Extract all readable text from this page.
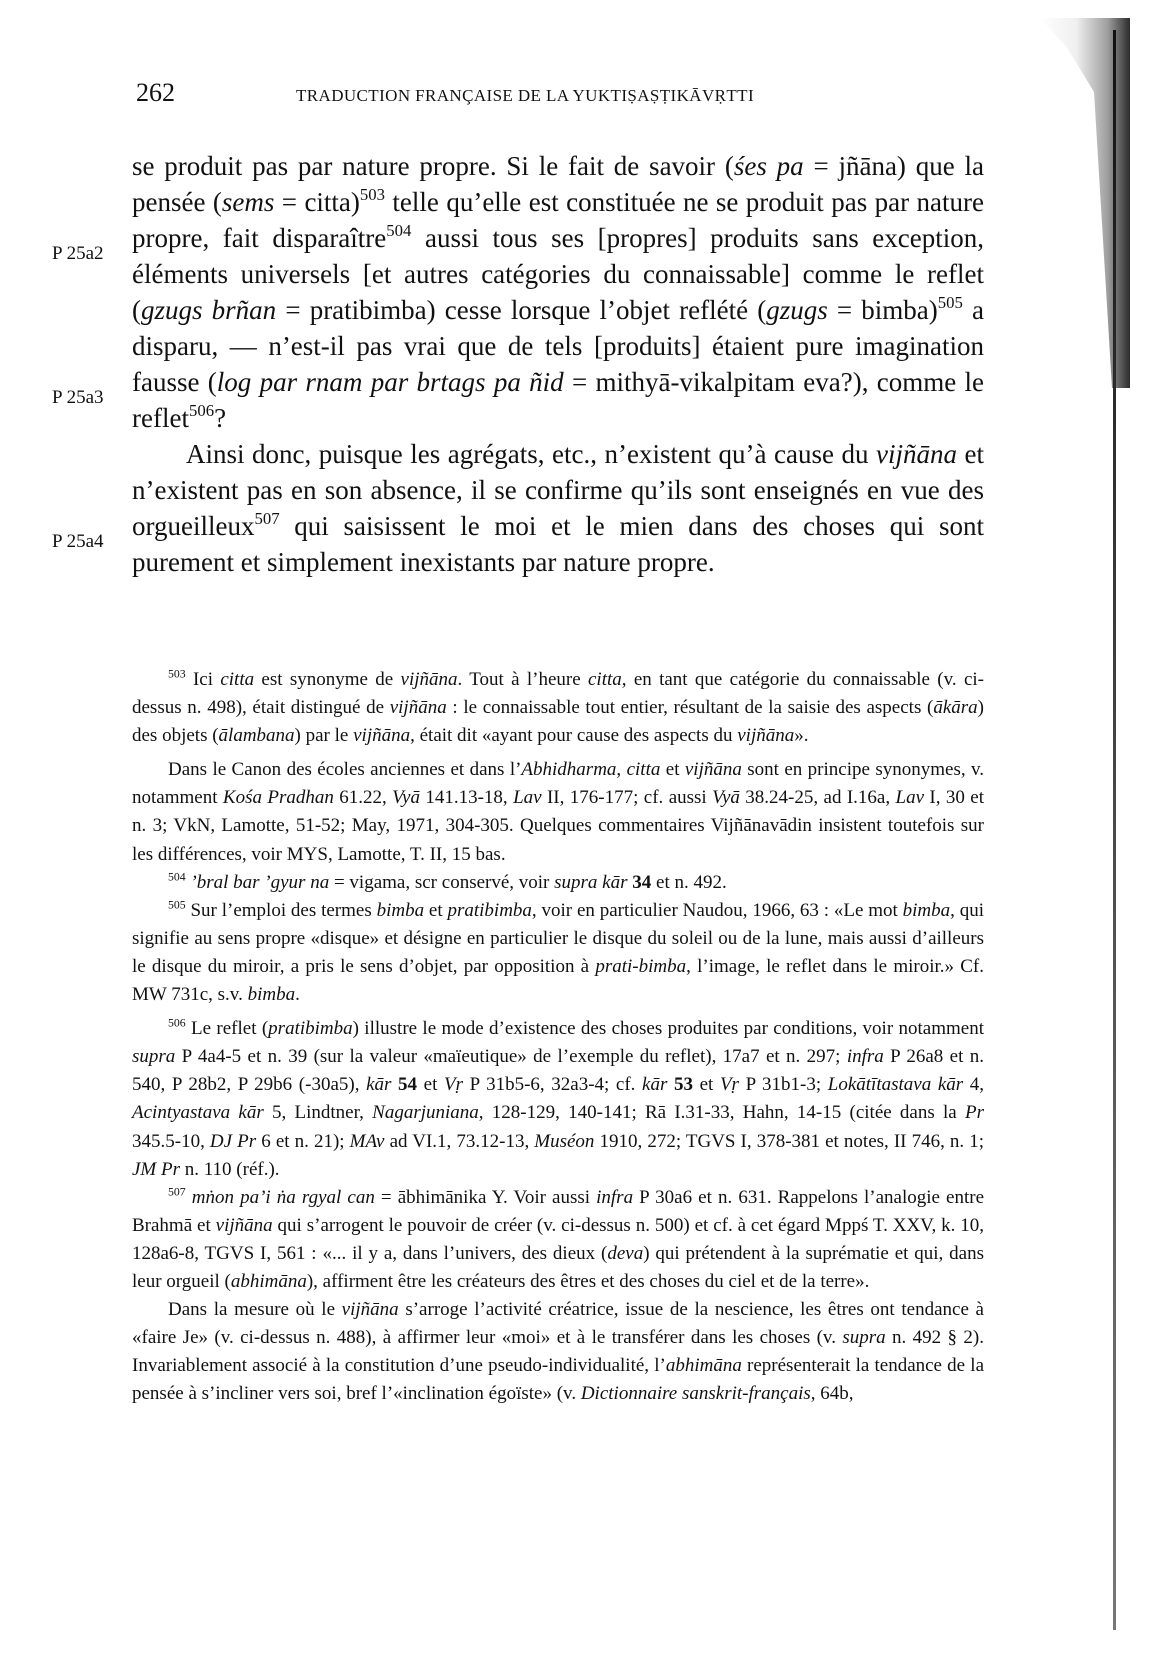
262	TRADUCTION FRANÇAISE DE LA YUKTIṢAṢṬIKĀVṚTTI
P 25a2
P 25a3
P 25a4

se produit pas par nature propre. Si le fait de savoir (śes pa = jñāna) que la pensée (sems = citta)$^{503}$ telle qu’elle est constituée ne se produit pas par nature propre, fait disparaître$^{504}$ aussi tous ses [propres] produits sans exception, éléments universels [et autres catégories du connaissable] comme le reflet (gzugs brñan = pratibimba) cesse lorsque l’objet reflété (gzugs = bimba)$^{505}$ a disparu, — n’est-il pas vrai que de tels [produits] étaient pure imagination fausse (log par rnam par brtags pa ñid = mithyā-vikalpitam eva?), comme le reflet$^{506}$?

Ainsi donc, puisque les agrégats, etc., n’existent qu’à cause du vijñāna et n’existent pas en son absence, il se confirme qu’ils sont enseignés en vue des orgueilleux$^{507}$ qui saisissent le moi et le mien dans des choses qui sont purement et simplement inexistants par nature propre.

$^{503}$ Ici citta est synonyme de vijñāna. Tout à l’heure citta, en tant que catégorie du connaissable (v. ci-dessus n. 498), était distingué de vijñāna : le connaissable tout entier, résultant de la saisie des aspects (ākāra) des objets (ālambana) par le vijñāna, était dit «ayant pour cause des aspects du vijñāna».

Dans le Canon des écoles anciennes et dans l’Abhidharma, citta et vijñāna sont en principe synonymes, v. notamment Kośa Pradhan 61.22, Vyā 141.13-18, Lav II, 176-177; cf. aussi Vyā 38.24-25, ad I.16a, Lav I, 30 et n. 3; VkN, Lamotte, 51-52; May, 1971, 304-305. Quelques commentaires Vijñānavādin insistent toutefois sur les différences, voir MYS, Lamotte, T. II, 15 bas.

$^{504}$ ’bral bar ’gyur na = vigama, scr conservé, voir supra kār 34 et n. 492.

$^{505}$ Sur l’emploi des termes bimba et pratibimba, voir en particulier Naudou, 1966, 63 : «Le mot bimba, qui signifie au sens propre «disque» et désigne en particulier le disque du soleil ou de la lune, mais aussi d’ailleurs le disque du miroir, a pris le sens d’objet, par opposition à prati-bimba, l’image, le reflet dans le miroir.» Cf. MW 731c, s.v. bimba.

$^{506}$ Le reflet (pratibimba) illustre le mode d’existence des choses produites par conditions, voir notamment supra P 4a4-5 et n. 39 (sur la valeur «maïeutique» de l’exemple du reflet), 17a7 et n. 297; infra P 26a8 et n. 540, P 28b2, P 29b6 (-30a5), kār 54 et Vṛ P 31b5-6, 32a3-4; cf. kār 53 et Vṛ P 31b1-3; Lokātītastava kār 4, Acintyastava kār 5, Lindtner, Nagarjuniana, 128-129, 140-141; Rā I.31-33, Hahn, 14-15 (citée dans la Pr 345.5-10, DJ Pr 6 et n. 21); MAv ad VI.1, 73.12-13, Muséon 1910, 272; TGVS I, 378-381 et notes, II 746, n. 1; JM Pr n. 110 (réf.).

$^{507}$ mṅon pa’i ṅa rgyal can = ābhimānika Y. Voir aussi infra P 30a6 et n. 631. Rappelons l’analogie entre Brahmā et vijñāna qui s’arrogent le pouvoir de créer (v. ci-dessus n. 500) et cf. à cet égard Mppś T. XXV, k. 10, 128a6-8, TGVS I, 561 : «... il y a, dans l’univers, des dieux (deva) qui prétendent à la suprématie et qui, dans leur orgueil (abhimāna), affirment être les créateurs des êtres et des choses du ciel et de la terre».

Dans la mesure où le vijñāna s’arroge l’activité créatrice, issue de la nescience, les êtres ont tendance à «faire Je» (v. ci-dessus n. 488), à affirmer leur «moi» et à le transférer dans les choses (v. supra n. 492 § 2). Invariablement associé à la constitution d’une pseudo-individualité, l’abhimāna représenterait la tendance de la pensée à s’incliner vers soi, bref l’«inclination égoïste» (v. Dictionnaire sanskrit-français, 64b,
